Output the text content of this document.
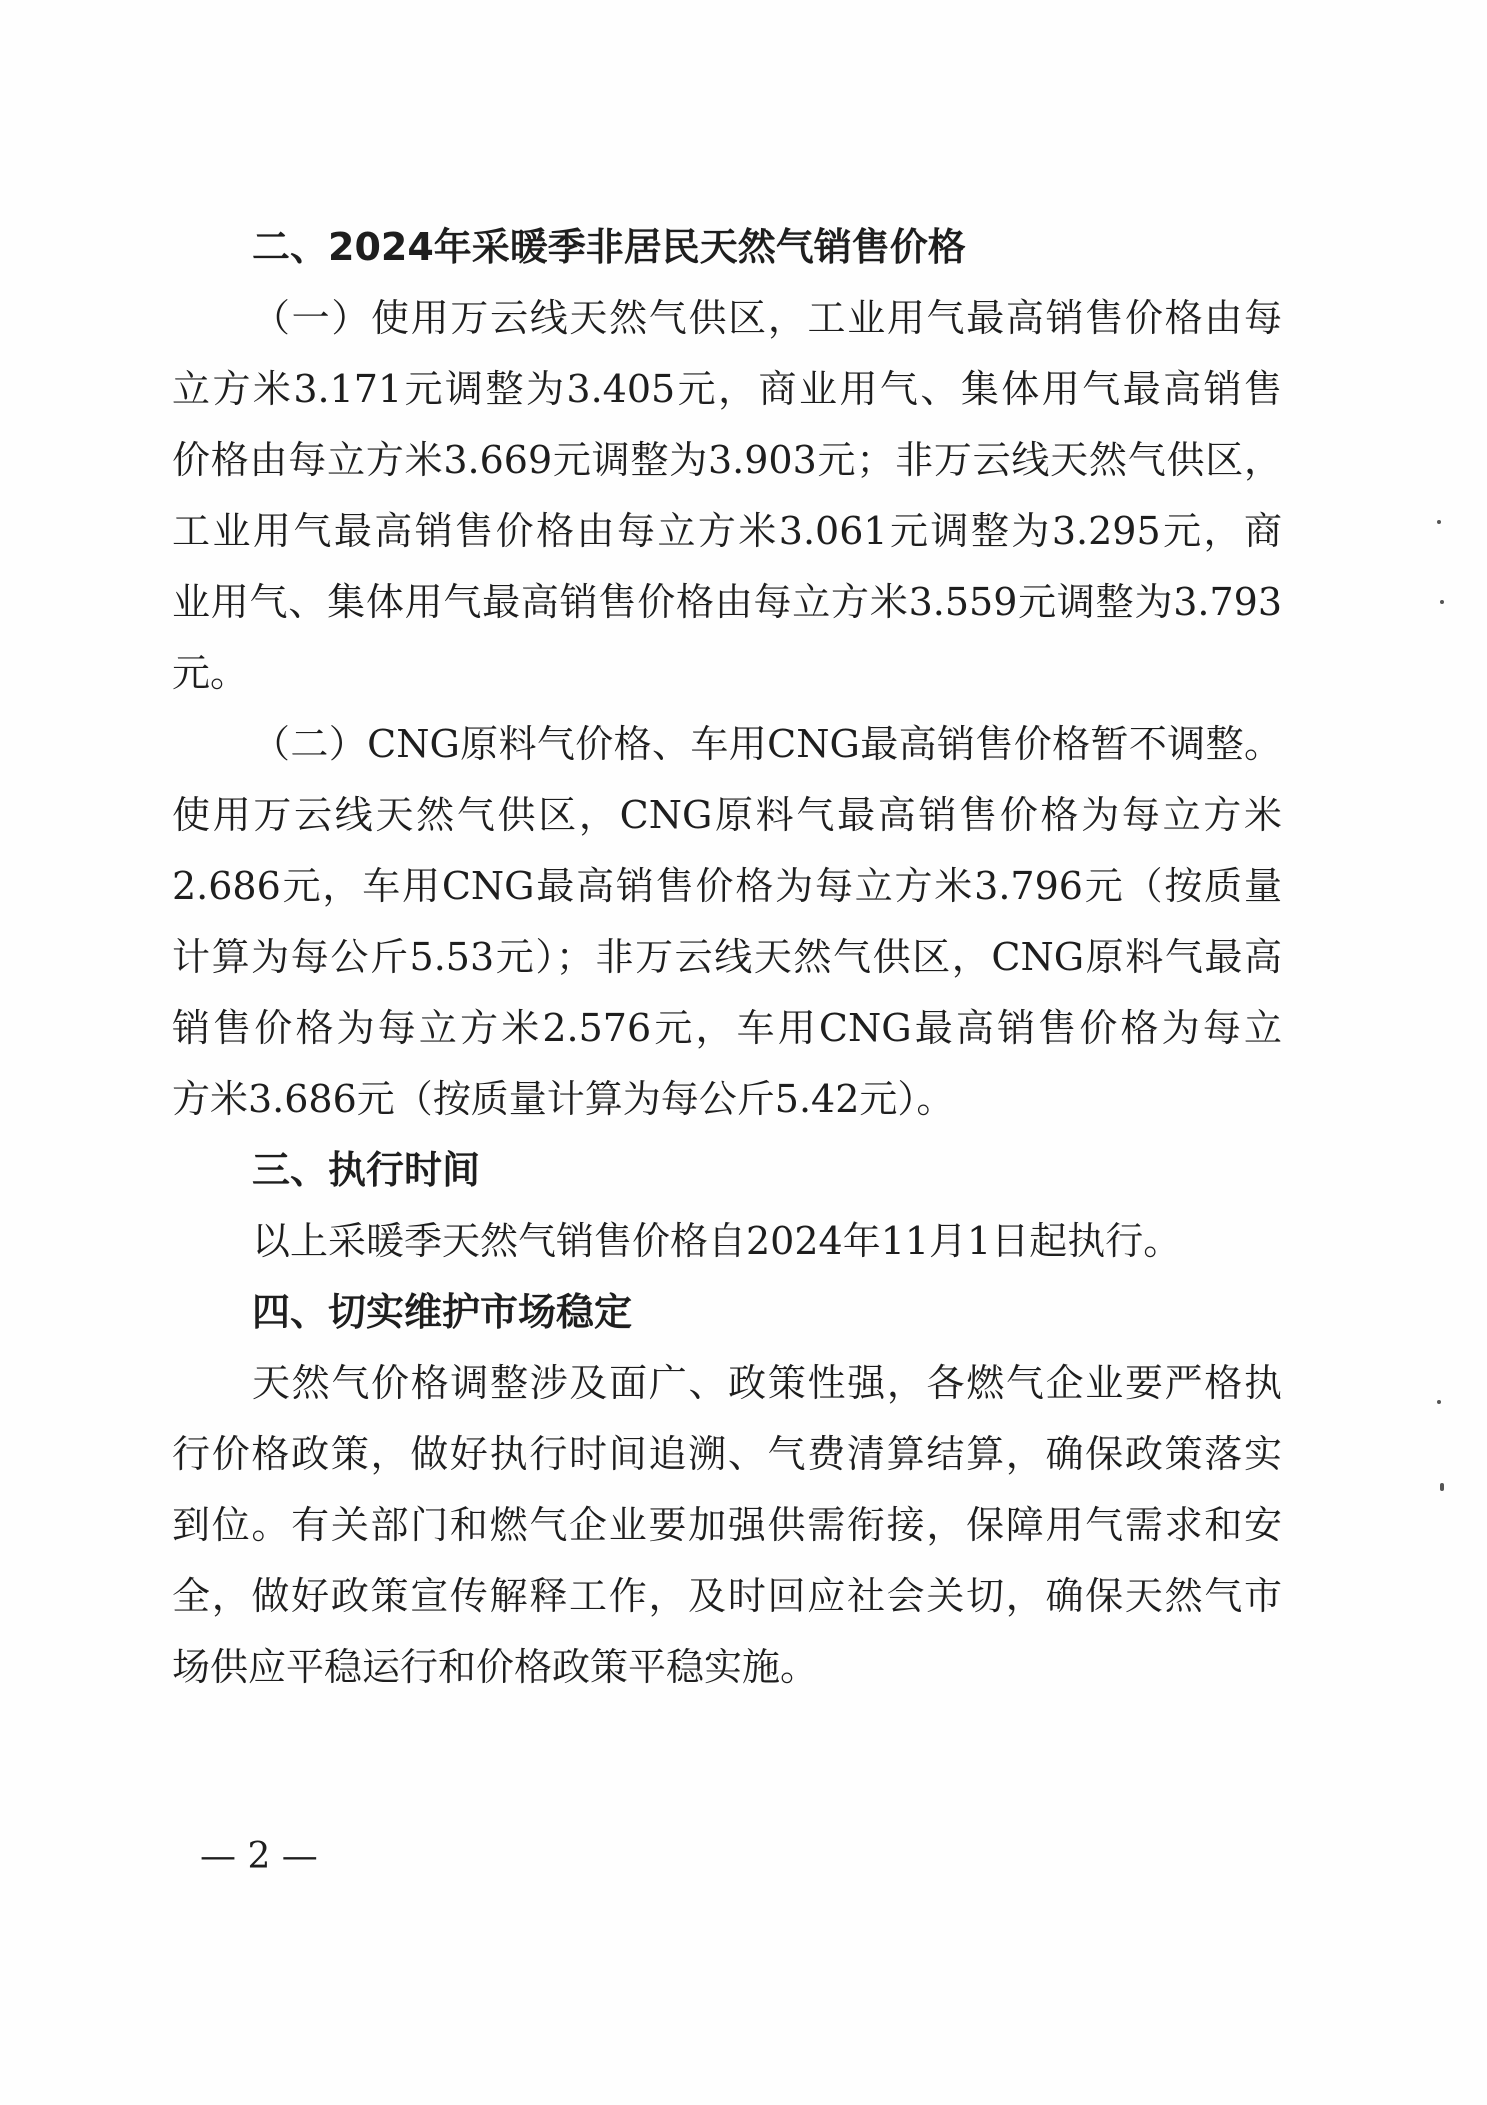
二、2024年采暖季非居民天然气销售价格
（一）使用万云线天然气供区，工业用气最高销售价格由每
立方米3.171元调整为3.405元，商业用气、集体用气最高销售
价格由每立方米3.669元调整为3.903元；非万云线天然气供区，
工业用气最高销售价格由每立方米3.061元调整为3.295元，商
业用气、集体用气最高销售价格由每立方米3.559元调整为3.793
元。
（二）CNG原料气价格、车用CNG最高销售价格暂不调整。
使用万云线天然气供区，CNG原料气最高销售价格为每立方米
2.686元，车用CNG最高销售价格为每立方米3.796元（按质量
计算为每公斤5.53元）；非万云线天然气供区，CNG原料气最高
销售价格为每立方米2.576元，车用CNG最高销售价格为每立
方米3.686元（按质量计算为每公斤5.42元）。
三、执行时间
以上采暖季天然气销售价格自2024年11月1日起执行。
四、切实维护市场稳定
天然气价格调整涉及面广、政策性强，各燃气企业要严格执
行价格政策，做好执行时间追溯、气费清算结算，确保政策落实
到位。有关部门和燃气企业要加强供需衔接，保障用气需求和安
全，做好政策宣传解释工作，及时回应社会关切，确保天然气市
场供应平稳运行和价格政策平稳实施。
— 2 —
